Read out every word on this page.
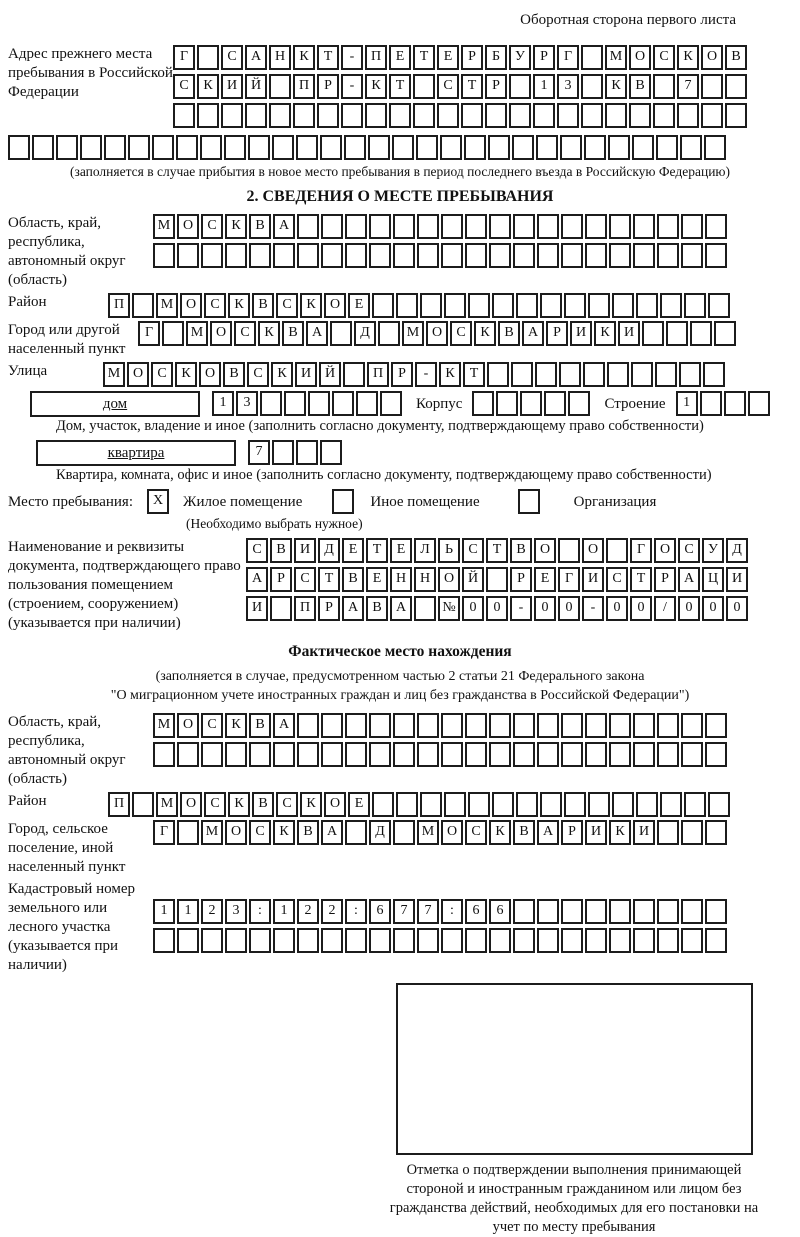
Оборотная сторона первого листа
Адрес прежнего места пребывания в Российской Федерации
Г	С А Н К Т - П Е Т Е Р Б У Р Г	М О С К О В
С К И Й	П Р - К Т	С Т Р	1 3	К В	7
(заполняется в случае прибытия в новое место пребывания в период последнего въезда в Российскую Федерацию)
2. СВЕДЕНИЯ О МЕСТЕ ПРЕБЫВАНИЯ
Область, край, республика, автономный округ (область)
М О С К В А
Район	П	М О С К В С К О Е
Город или другой населенный пункт
Г	М О С К В А	Д	М О С К В А Р И К И
Улица	М О С К О В С К И Й	П Р - К Т
дом	1 3	Корпус	Строение 1
Дом, участок, владение и иное (заполнить согласно документу, подтверждающему право собственности)
квартира	7
Квартира, комната, офис и иное (заполнить согласно документу, подтверждающему право собственности)
Место пребывания: X Жилое помещение	Иное помещение	Организация
(Необходимо выбрать нужное)
Наименование и реквизиты документа, подтверждающего право пользования помещением (строением, сооружением) (указывается при наличии)
С В И Д Е Т Е Л Ь С Т В О	О	Г О С У Д
А Р С Т В Е Н Н О Й	Р Е Г И С Т Р А Ц И
И	П Р А В А	№ 0 0 - 0 0 - 0 0 / 0 0 0
Фактическое место нахождения
(заполняется в случае, предусмотренном частью 2 статьи 21 Федерального закона
"О миграционном учете иностранных граждан и лиц без гражданства в Российской Федерации")
Область, край, республика, автономный округ (область)
М О С К В А
Район	П	М О С К В С К О Е
Город, сельское поселение, иной населенный пункт
Г	М О С К В А	Д	М О С К В А Р И К И
Кадастровый номер земельного или лесного участка (указывается при наличии)
1 1 2 3 : 1 2 2 : 6 7 7 : 6 6
Отметка о подтверждении выполнения принимающей стороной и иностранным гражданином или лицом без гражданства действий, необходимых для его постановки на учет по месту пребывания
